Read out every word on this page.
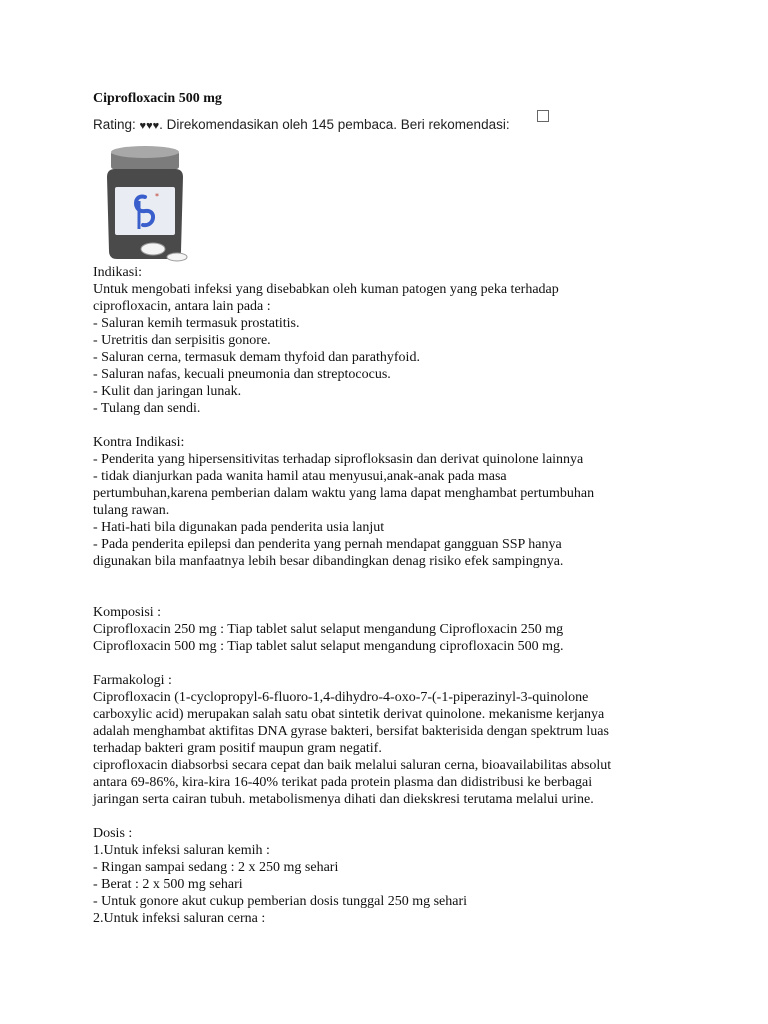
Ciprofloxacin 500 mg
Rating: ♥♥♥. Direkomendasikan oleh 145 pembaca. Beri rekomendasi:
*
Indikasi:
Untuk mengobati infeksi yang disebabkan oleh kuman patogen yang peka terhadap
ciprofloxacin, antara lain pada :
- Saluran kemih termasuk prostatitis.
- Uretritis dan serpisitis gonore.
- Saluran cerna, termasuk demam thyfoid dan parathyfoid.
- Saluran nafas, kecuali pneumonia dan streptococus.
- Kulit dan jaringan lunak.
- Tulang dan sendi.
Kontra Indikasi:
- Penderita yang hipersensitivitas terhadap siprofloksasin dan derivat quinolone lainnya
- tidak dianjurkan pada wanita hamil atau menyusui,anak-anak pada masa
pertumbuhan,karena pemberian dalam waktu yang lama dapat menghambat pertumbuhan
tulang rawan.
- Hati-hati bila digunakan pada penderita usia lanjut
- Pada penderita epilepsi dan penderita yang pernah mendapat gangguan SSP hanya
digunakan bila manfaatnya lebih besar dibandingkan denag risiko efek sampingnya.
Komposisi :
Ciprofloxacin 250 mg : Tiap tablet salut selaput mengandung Ciprofloxacin 250 mg
Ciprofloxacin 500 mg : Tiap tablet salut selaput mengandung ciprofloxacin 500 mg.
Farmakologi :
Ciprofloxacin (1-cyclopropyl-6-fluoro-1,4-dihydro-4-oxo-7-(-1-piperazinyl-3-quinolone
carboxylic acid) merupakan salah satu obat sintetik derivat quinolone. mekanisme kerjanya
adalah menghambat aktifitas DNA gyrase bakteri, bersifat bakterisida dengan spektrum luas
terhadap bakteri gram positif maupun gram negatif.
ciprofloxacin diabsorbsi secara cepat dan baik melalui saluran cerna, bioavailabilitas absolut
antara 69-86%, kira-kira 16-40% terikat pada protein plasma dan didistribusi ke berbagai
jaringan serta cairan tubuh. metabolismenya dihati dan diekskresi terutama melalui urine.
Dosis :
1.Untuk infeksi saluran kemih :
- Ringan sampai sedang : 2 x 250 mg sehari
- Berat : 2 x 500 mg sehari
- Untuk gonore akut cukup pemberian dosis tunggal 250 mg sehari
2.Untuk infeksi saluran cerna :
